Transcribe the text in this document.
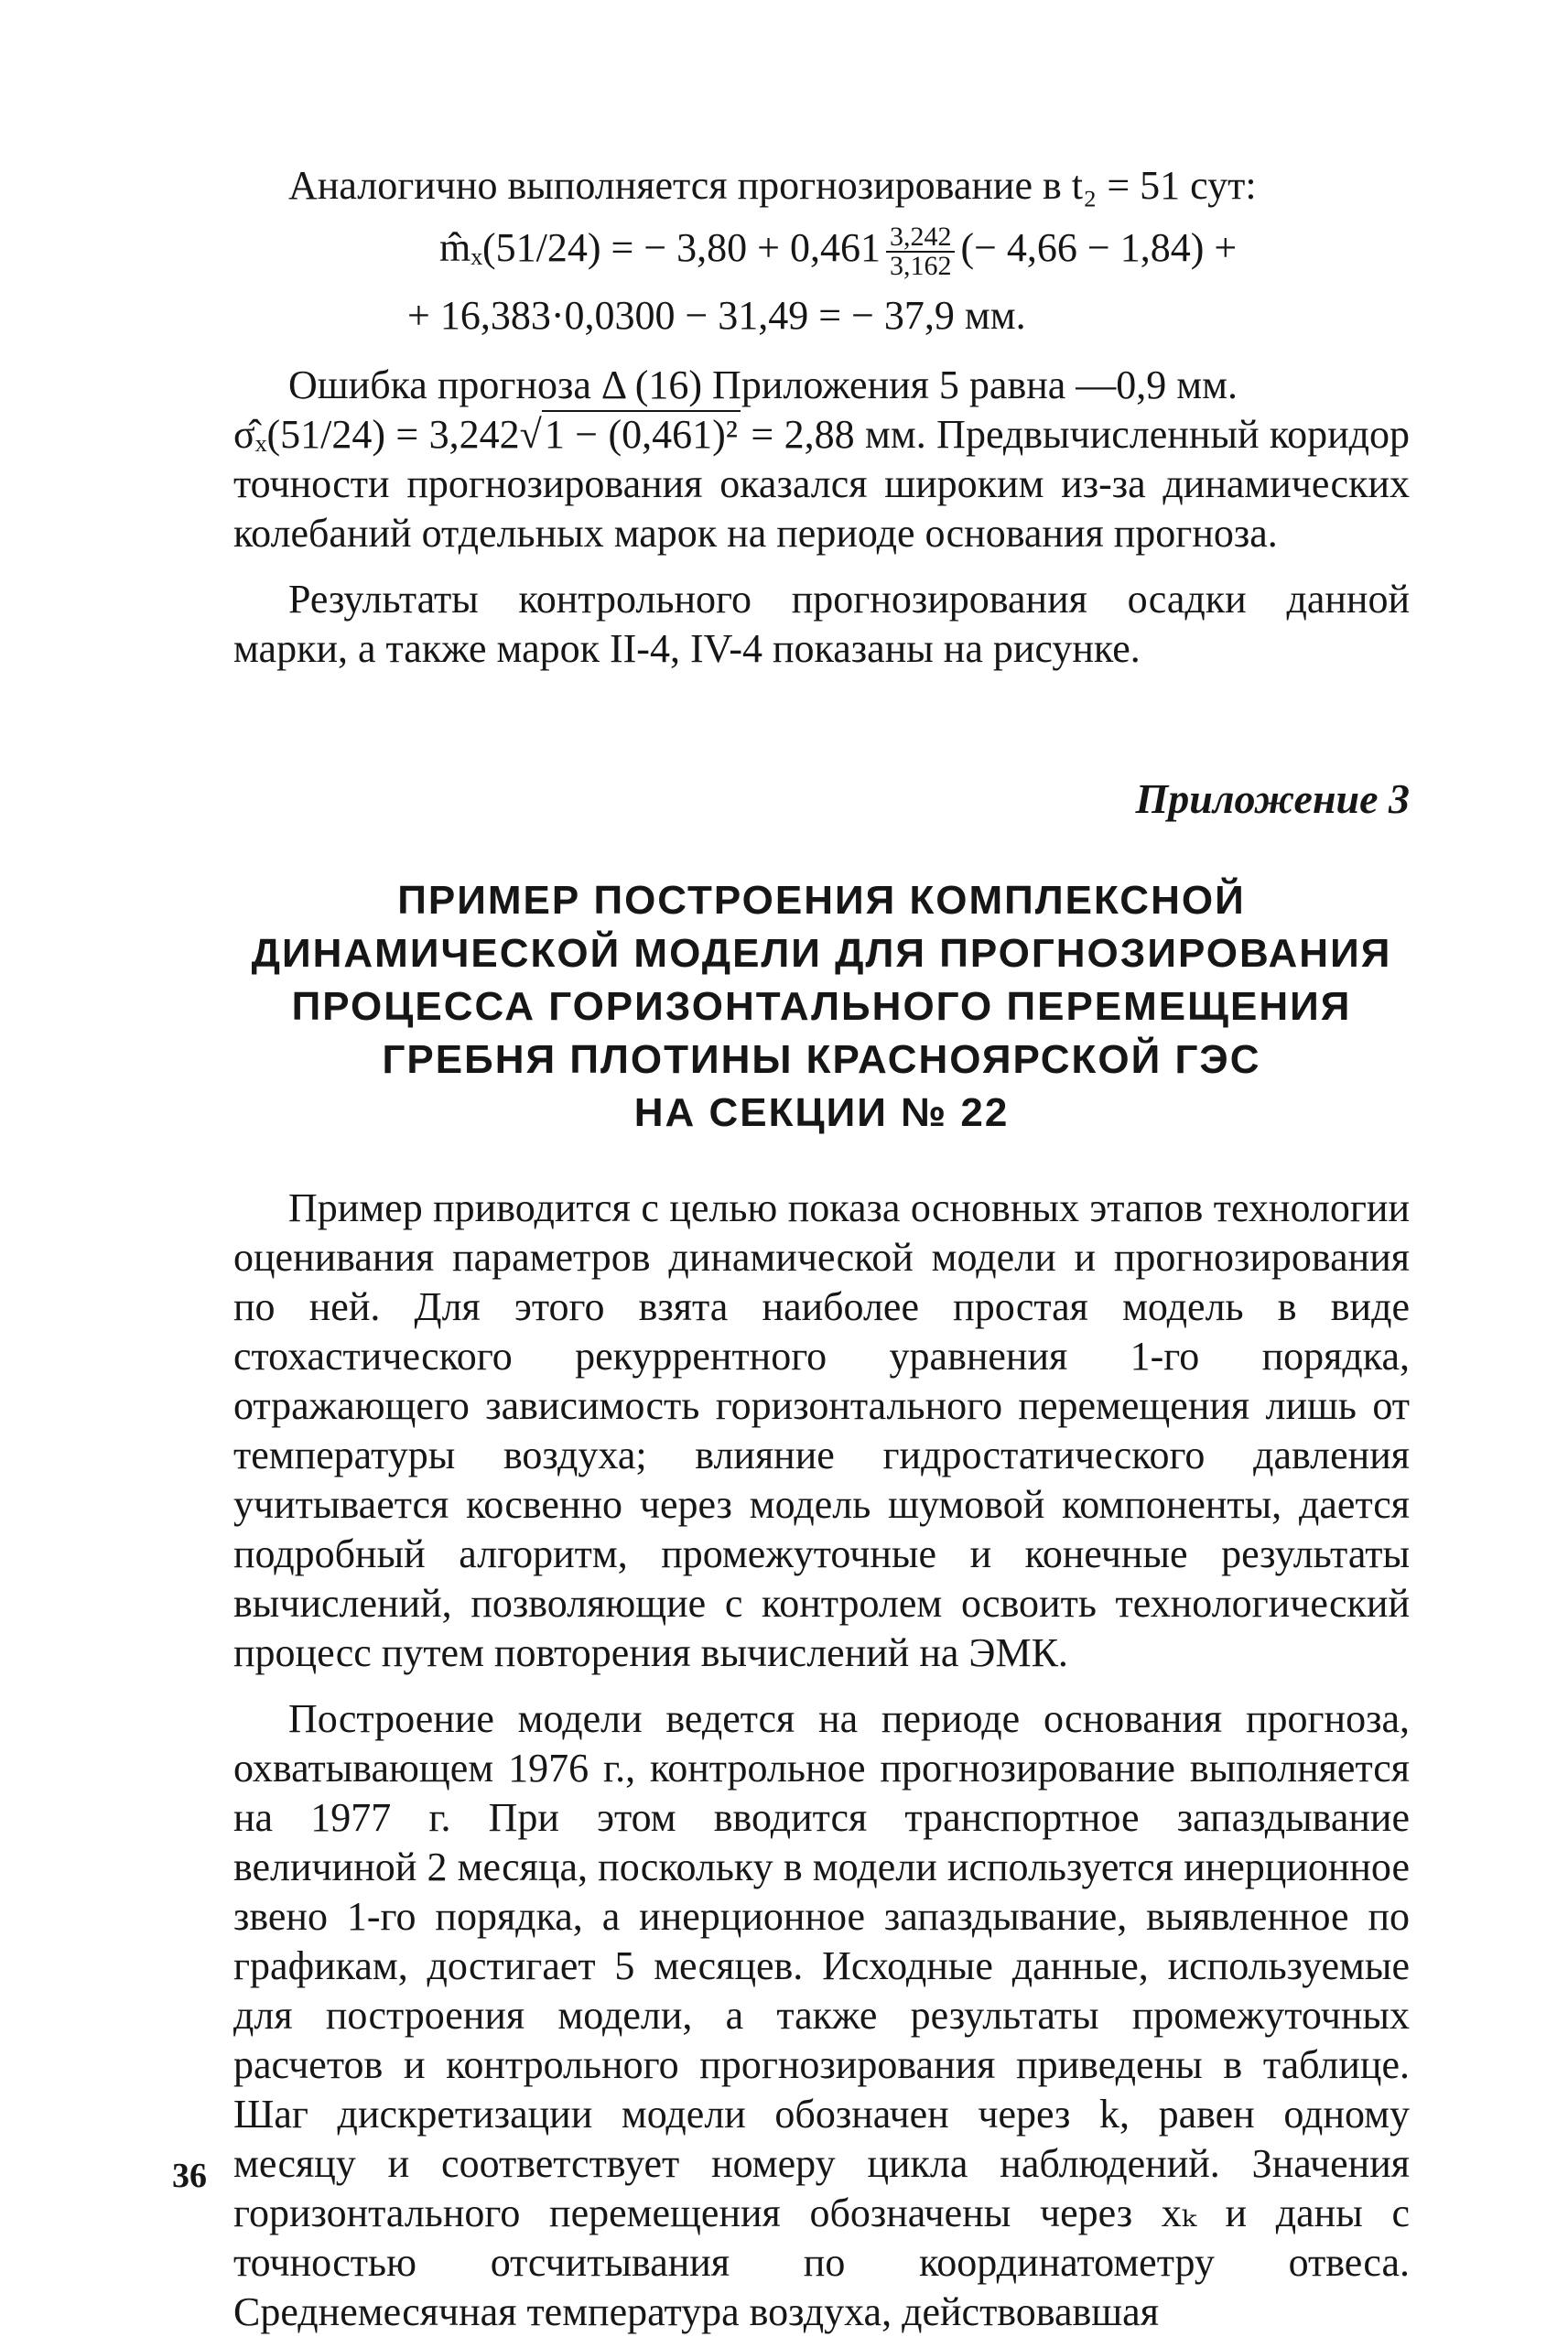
Аналогично выполняется прогнозирование в t₂ = 51 сут:

m̂ₓ(51/24) = − $3,80 + 0,461 \frac{3,242}{3,162}$ (− 4,66 − 1,84) +
+ 16,383·0,0300 − 31,49 = − 37,9 мм.

Ошибка прогноза Δ (16) Приложения 5 равна —0,9 мм.

σ̂ₓ(51/24) = 3,242√1 − (0,461)² = 2,88 мм. Предвычисленный коридор точности прогнозирования оказался широким из-за динамических колебаний отдельных марок на периоде основания прогноза.

Результаты контрольного прогнозирования осадки данной марки, а также марок II-4, IV-4 показаны на рисунке.

Приложение 3
ПРИМЕР ПОСТРОЕНИЯ КОМПЛЕКСНОЙ
ДИНАМИЧЕСКОЙ МОДЕЛИ ДЛЯ ПРОГНОЗИРОВАНИЯ
ПРОЦЕССА ГОРИЗОНТАЛЬНОГО ПЕРЕМЕЩЕНИЯ
ГРЕБНЯ ПЛОТИНЫ КРАСНОЯРСКОЙ ГЭС
НА СЕКЦИИ № 22

Пример приводится с целью показа основных этапов технологии оценивания параметров динамической модели и прогнозирования по ней. Для этого взята наиболее простая модель в виде стохастического рекуррентного уравнения 1-го порядка, отражающего зависимость горизонтального перемещения лишь от температуры воздуха; влияние гидростатического давления учитывается косвенно через модель шумовой компоненты, дается подробный алгоритм, промежуточные и конечные результаты вычислений, позволяющие с контролем освоить технологический процесс путем повторения вычислений на ЭМК.

Построение модели ведется на периоде основания прогноза, охватывающем 1976 г., контрольное прогнозирование выполняется на 1977 г. При этом вводится транспортное запаздывание величиной 2 месяца, поскольку в модели используется инерционное звено 1-го порядка, а инерционное запаздывание, выявленное по графикам, достигает 5 месяцев. Исходные данные, используемые для построения модели, а также результаты промежуточных расчетов и контрольного прогнозирования приведены в таблице. Шаг дискретизации модели обозначен через k, равен одному месяцу и соответствует номеру цикла наблюдений. Значения горизонтального перемещения обозначены через xₖ и даны с точностью отсчитывания по координатометру отвеса. Среднемесячная температура воздуха, действовавшая

36
